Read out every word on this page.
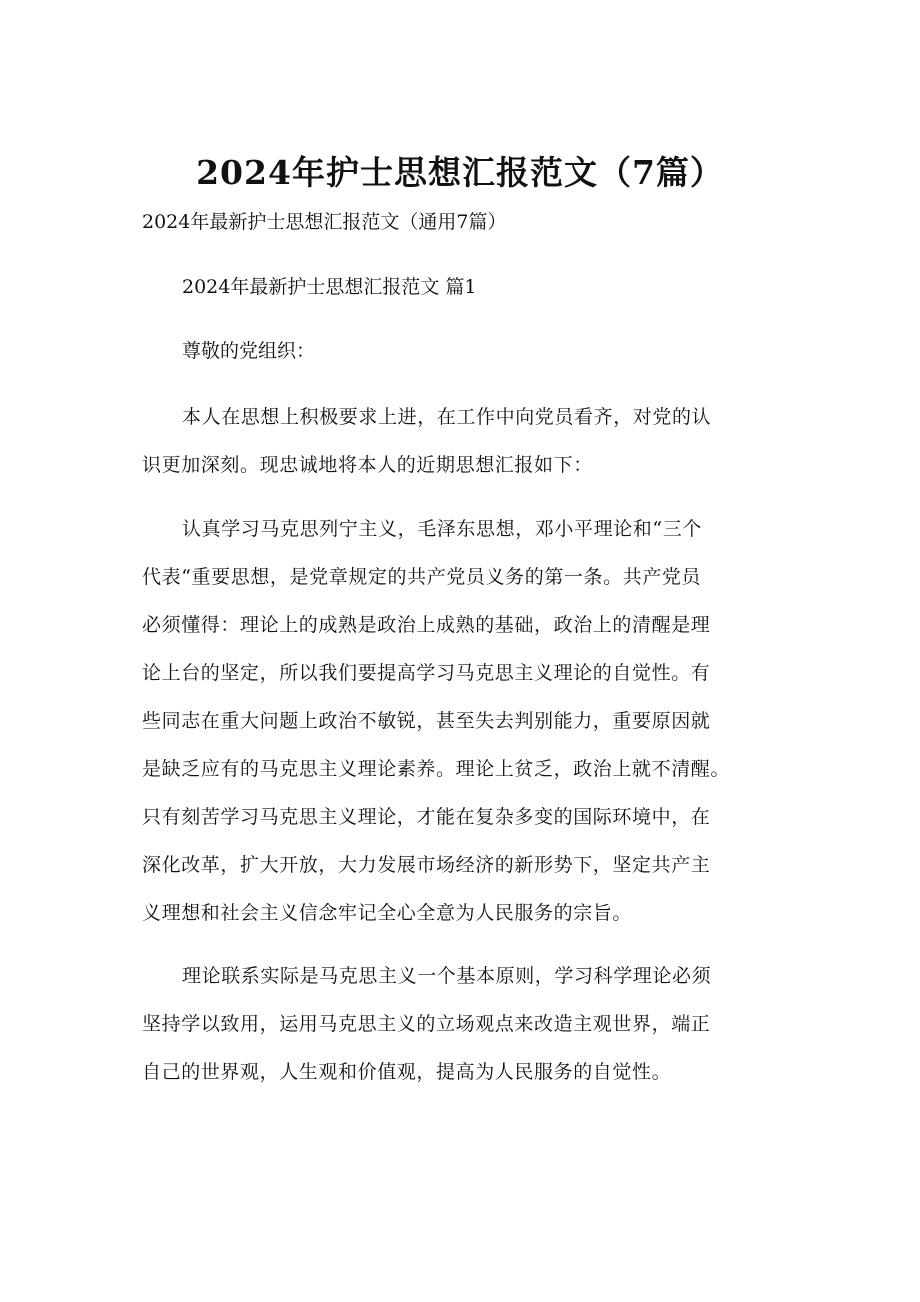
2024年护士思想汇报范文（7篇）
2024年最新护士思想汇报范文（通用7篇）
2024年最新护士思想汇报范文 篇1
尊敬的党组织：
本人在思想上积极要求上进，在工作中向党员看齐，对党的认
识更加深刻。现忠诚地将本人的近期思想汇报如下：
认真学习马克思列宁主义，毛泽东思想，邓小平理论和“三个
代表“重要思想，是党章规定的共产党员义务的第一条。共产党员
必须懂得：理论上的成熟是政治上成熟的基础，政治上的清醒是理
论上台的坚定，所以我们要提高学习马克思主义理论的自觉性。有
些同志在重大问题上政治不敏锐，甚至失去判别能力，重要原因就
是缺乏应有的马克思主义理论素养。理论上贫乏，政治上就不清醒。
只有刻苦学习马克思主义理论，才能在复杂多变的国际环境中，在
深化改革，扩大开放，大力发展市场经济的新形势下，坚定共产主
义理想和社会主义信念牢记全心全意为人民服务的宗旨。
理论联系实际是马克思主义一个基本原则，学习科学理论必须
坚持学以致用，运用马克思主义的立场观点来改造主观世界，端正
自己的世界观，人生观和价值观，提高为人民服务的自觉性。
